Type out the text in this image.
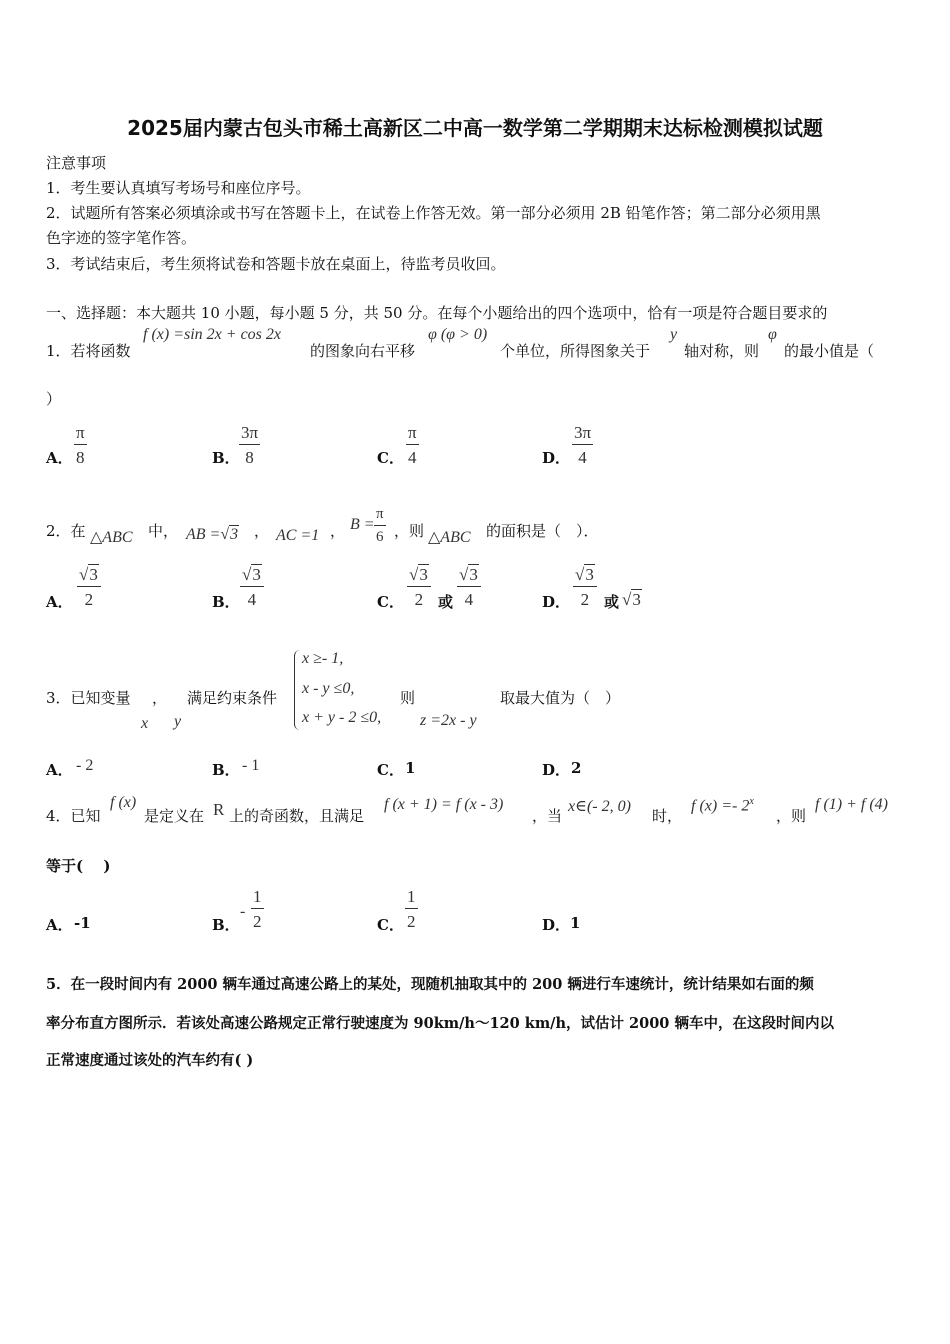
2025届内蒙古包头市稀土高新区二中高一数学第二学期期末达标检测模拟试题
注意事项
1．考生要认真填写考场号和座位序号。
2．试题所有答案必须填涂或书写在答题卡上，在试卷上作答无效。第一部分必须用 2B 铅笔作答；第二部分必须用黑
色字迹的签字笔作答。
3．考试结束后，考生须将试卷和答题卡放在桌面上，待监考员收回。
一、选择题：本大题共 10 小题，每小题 5 分，共 50 分。在每个小题给出的四个选项中，恰有一项是符合题目要求的
1．若将函数
f (x) =sin 2x + cos 2x
的图象向右平移
φ (φ > 0)
个单位，所得图象关于
y
轴对称，则
φ
的最小值是（
）
A． $\frac{\pi}{8}$	B． $\frac{3\pi}{8}$	C． $\frac{\pi}{4}$	D． $\frac{3\pi}{4}$
2．在 △ABC 中， AB =√3 ， AC =1 ， $B = \frac{\pi}{6}$ ，则 △ABC 的面积是（　）．
A． $\frac{√3}{2}$	B． $\frac{√3}{4}$	C． $\frac{√3}{2}$ 或 $\frac{√3}{4}$	D． $\frac{√3}{2}$ 或 √3
3．已知变量 ，
x y
满足约束条件
x ≥- 1,
x - y ≤0,
x + y - 2 ≤0,
则
z =2x - y
取最大值为（　）
A． - 2	B． - 1	C． 1	D． 2
4．已知
f (x)
是定义在 R 上的奇函数，且满足
f (x + 1) = f (x - 3)
，当
x∈(- 2, 0)
时，
f (x) =- 2$^x$
，则
f (1) + f (4)
等于(　 )
A． -1	B．
- $\frac{1}{2}$	C． $\frac{1}{2}$	D． 1
5．在一段时间内有 2000 辆车通过高速公路上的某处，现随机抽取其中的 200 辆进行车速统计，统计结果如右面的频
率分布直方图所示．若该处高速公路规定正常行驶速度为 90km/h～120 km/h，试估计 2000 辆车中，在这段时间内以
正常速度通过该处的汽车约有( )
